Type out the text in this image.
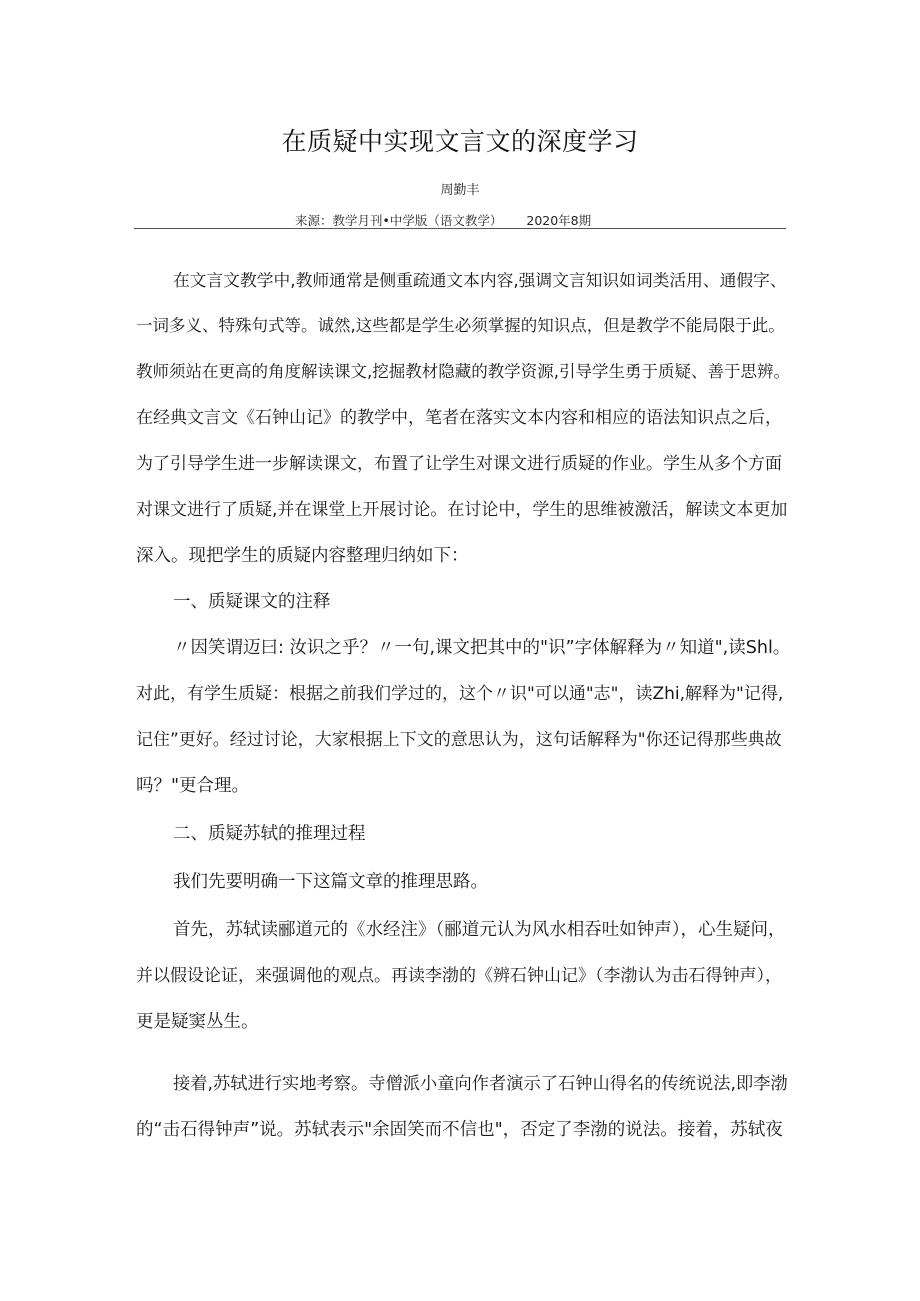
在质疑中实现文言文的深度学习
周勤丰
来源：教学月刊•中学版（语文教学） 2020年8期
在文言文教学中,教师通常是侧重疏通文本内容,强调文言知识如词类活用、通假字、
一词多义、特殊句式等。诚然,这些都是学生必须掌握的知识点，但是教学不能局限于此。
教师须站在更高的角度解读课文,挖掘教材隐藏的教学资源,引导学生勇于质疑、善于思辨。
在经典文言文《石钟山记》的教学中，笔者在落实文本内容和相应的语法知识点之后，
为了引导学生进一步解读课文，布置了让学生对课文进行质疑的作业。学生从多个方面
对课文进行了质疑,并在课堂上开展讨论。在讨论中，学生的思维被激活，解读文本更加
深入。现把学生的质疑内容整理归纳如下：
一、质疑课文的注释
〃因笑谓迈曰: 汝识之乎？〃一句,课文把其中的"识”字体解释为〃知道",读Shl。
对此，有学生质疑：根据之前我们学过的，这个〃识"可以通"志"，读Zhi,解释为"记得,
记住”更好。经过讨论，大家根据上下文的意思认为，这句话解释为"你还记得那些典故
吗？"更合理。
二、质疑苏轼的推理过程
我们先要明确一下这篇文章的推理思路。
首先，苏轼读郦道元的《水经注》（郦道元认为风水相吞吐如钟声），心生疑问，
并以假设论证，来强调他的观点。再读李渤的《辨石钟山记》（李渤认为击石得钟声），
更是疑窦丛生。
接着,苏轼进行实地考察。寺僧派小童向作者演示了石钟山得名的传统说法,即李渤
的“击石得钟声”说。苏轼表示"余固笑而不信也"，否定了李渤的说法。接着，苏轼夜
